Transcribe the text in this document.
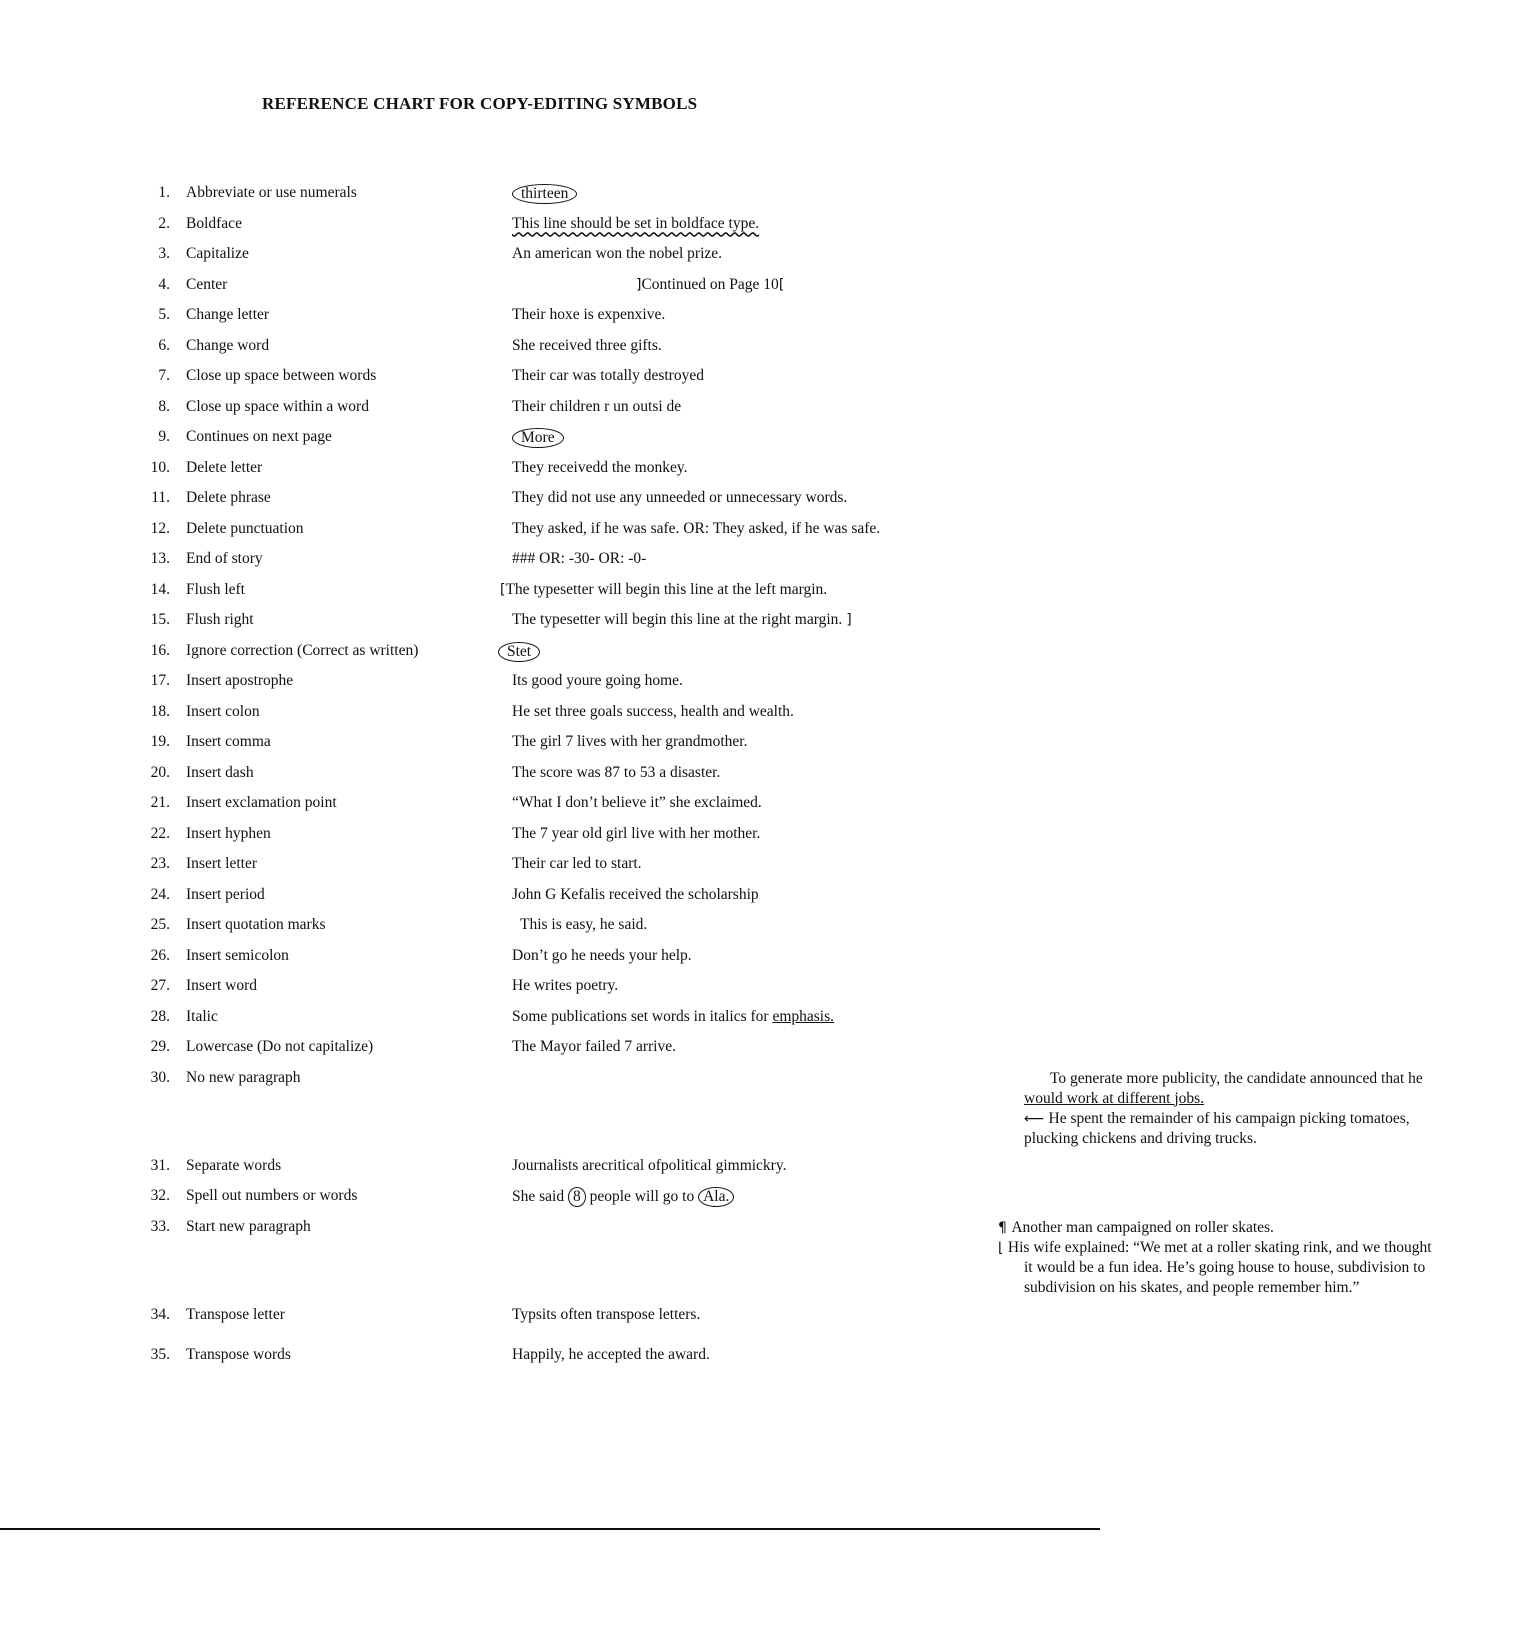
REFERENCE CHART FOR COPY-EDITING SYMBOLS
1. Abbreviate or use numerals	thirteen
2. Boldface	This line should be set in boldface type.
3. Capitalize	An american won the nobel prize.
4. Center	]Continued on Page 10[
5. Change letter	Their hoxe is expenxive.
6. Change word	She received three gifts.
7. Close up space between words	Their car was totally destroyed
8. Close up space within a word	Their children r un outsi de
9. Continues on next page	More
10. Delete letter	They receivedd the monkey.
11. Delete phrase	They did not use any unneeded or unnecessary words.
12. Delete punctuation	They asked, if he was safe. OR: They asked, if he was safe.
13. End of story	### OR: -30- OR: -0-
14. Flush left	[The typesetter will begin this line at the left margin.
15. Flush right	The typesetter will begin this line at the right margin. ]
16. Ignore correction (Correct as written)	Stet
17. Insert apostrophe	Its good youre going home.
18. Insert colon	He set three goals success, health and wealth.
19. Insert comma	The girl 7 lives with her grandmother.
20. Insert dash	The score was 87 to 53 a disaster.
21. Insert exclamation point	“What I don’t believe it” she exclaimed.
22. Insert hyphen	The 7 year old girl live with her mother.
23. Insert letter	Their car led to start.
24. Insert period	John G Kefalis received the scholarship
25. Insert quotation marks	This is easy, he said.
26. Insert semicolon	Don’t go he needs your help.
27. Insert word	He writes poetry.
28. Italic	Some publications set words in italics for emphasis.
29. Lowercase (Do not capitalize)	The Mayor failed 7 arrive.
30. No new paragraph	To generate more publicity, the candidate announced that he
would work at different jobs.
⟵ He spent the remainder of his campaign picking tomatoes,
plucking chickens and driving trucks.
31. Separate words	Journalists arecritical ofpolitical gimmickry.
32. Spell out numbers or words	She said 8 people will go to Ala.
33. Start new paragraph	¶ Another man campaigned on roller skates.
⌊ His wife explained: “We met at a roller skating rink, and we thought
it would be a fun idea. He’s going house to house, subdivision to
subdivision on his skates, and people remember him.”
34. Transpose letter	Typsits often transpose letters.
35. Transpose words	Happily, he accepted the award.
